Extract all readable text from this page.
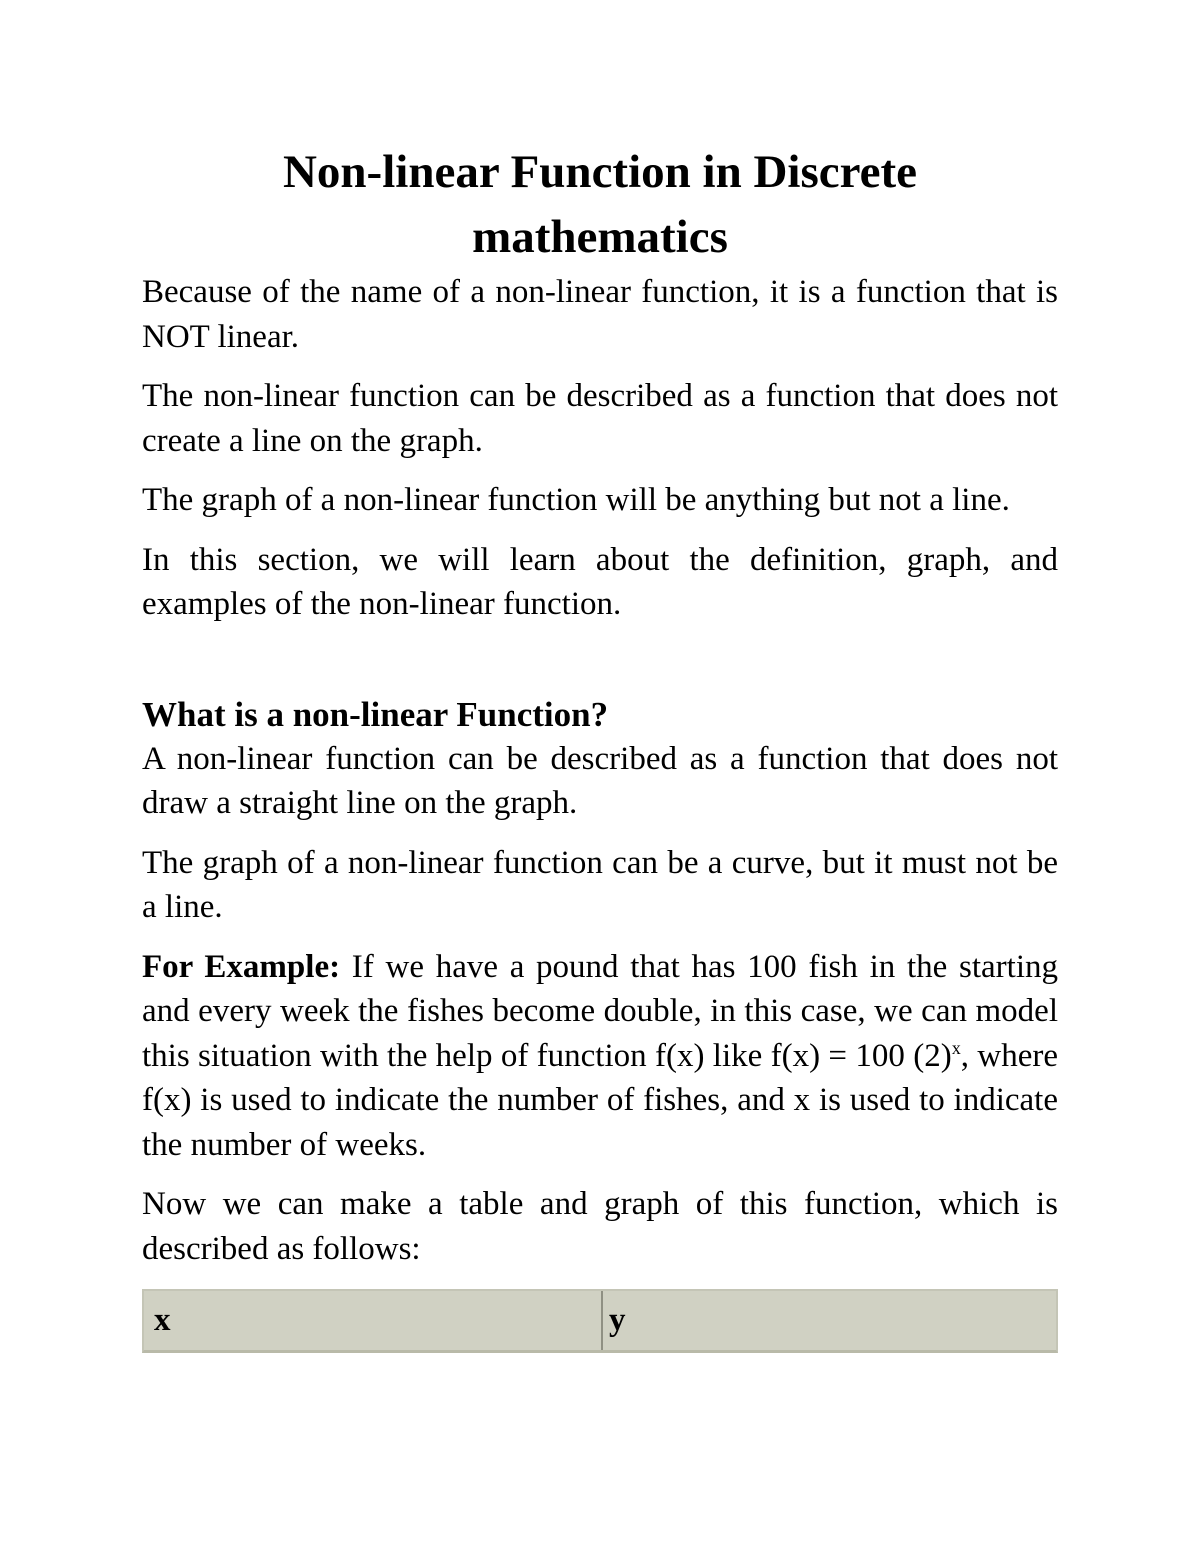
Non-linear Function in Discrete
mathematics

Because of the name of a non-linear function, it is a function that is NOT linear.

The non-linear function can be described as a function that does not create a line on the graph.

The graph of a non-linear function will be anything but not a line.

In this section, we will learn about the definition, graph, and examples of the non-linear function.

What is a non-linear Function?

A non-linear function can be described as a function that does not draw a straight line on the graph.

The graph of a non-linear function can be a curve, but it must not be a line.

For Example: If we have a pound that has 100 fish in the starting and every week the fishes become double, in this case, we can model this situation with the help of function f(x) like f(x) = 100 $(2)^x$, where f(x) is used to indicate the number of fishes, and x is used to indicate the number of weeks.

Now we can make a table and graph of this function, which is described as follows:

x	y
